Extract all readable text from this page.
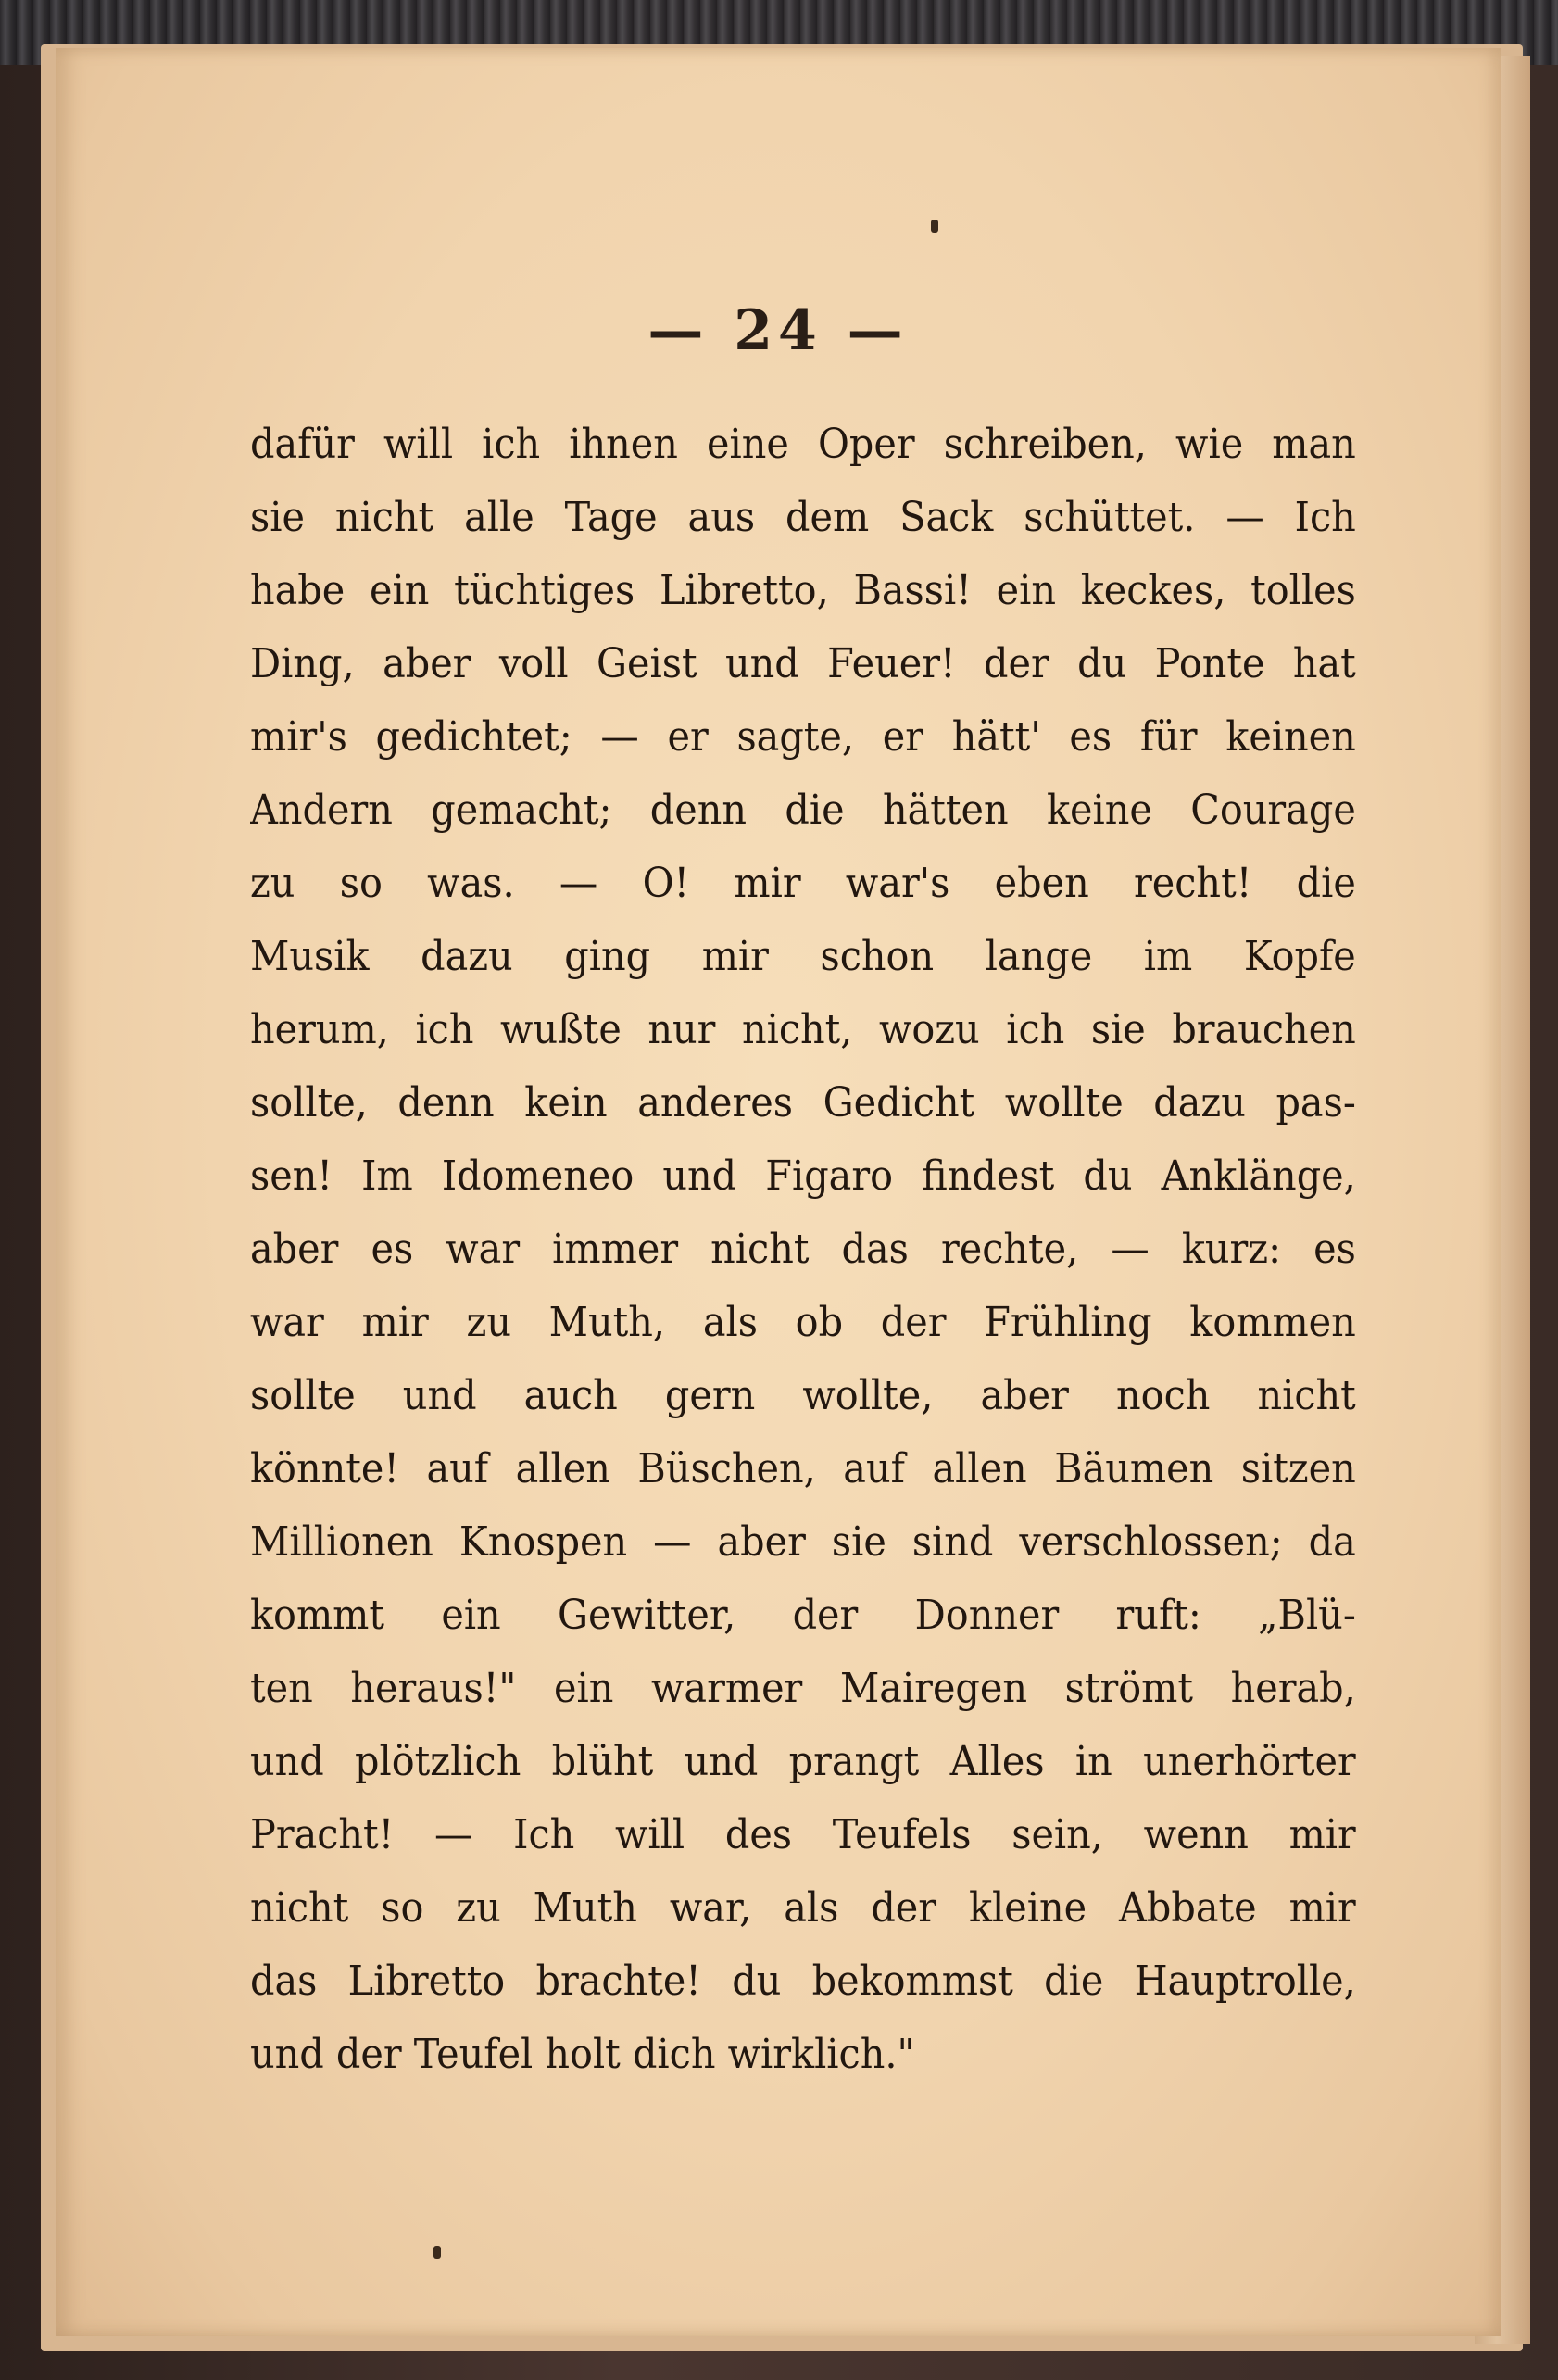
— 24 —
dafür will ich ihnen eine Oper schreiben, wie man
sie nicht alle Tage aus dem Sack schüttet. — Ich
habe ein tüchtiges Libretto, Bassi! ein keckes, tolles
Ding, aber voll Geist und Feuer! der du Ponte hat
mir's gedichtet; — er sagte, er hätt' es für keinen
Andern gemacht; denn die hätten keine Courage
zu so was. — O! mir war's eben recht! die
Musik dazu ging mir schon lange im Kopfe
herum, ich wußte nur nicht, wozu ich sie brauchen
sollte, denn kein anderes Gedicht wollte dazu pas-
sen! Im Idomeneo und Figaro findest du Anklänge,
aber es war immer nicht das rechte, — kurz: es
war mir zu Muth, als ob der Frühling kommen
sollte und auch gern wollte, aber noch nicht
könnte! auf allen Büschen, auf allen Bäumen sitzen
Millionen Knospen — aber sie sind verschlossen; da
kommt ein Gewitter, der Donner ruft: „Blü-
ten heraus!" ein warmer Mairegen strömt herab,
und plötzlich blüht und prangt Alles in unerhörter
Pracht! — Ich will des Teufels sein, wenn mir
nicht so zu Muth war, als der kleine Abbate mir
das Libretto brachte! du bekommst die Hauptrolle,
und der Teufel holt dich wirklich."
